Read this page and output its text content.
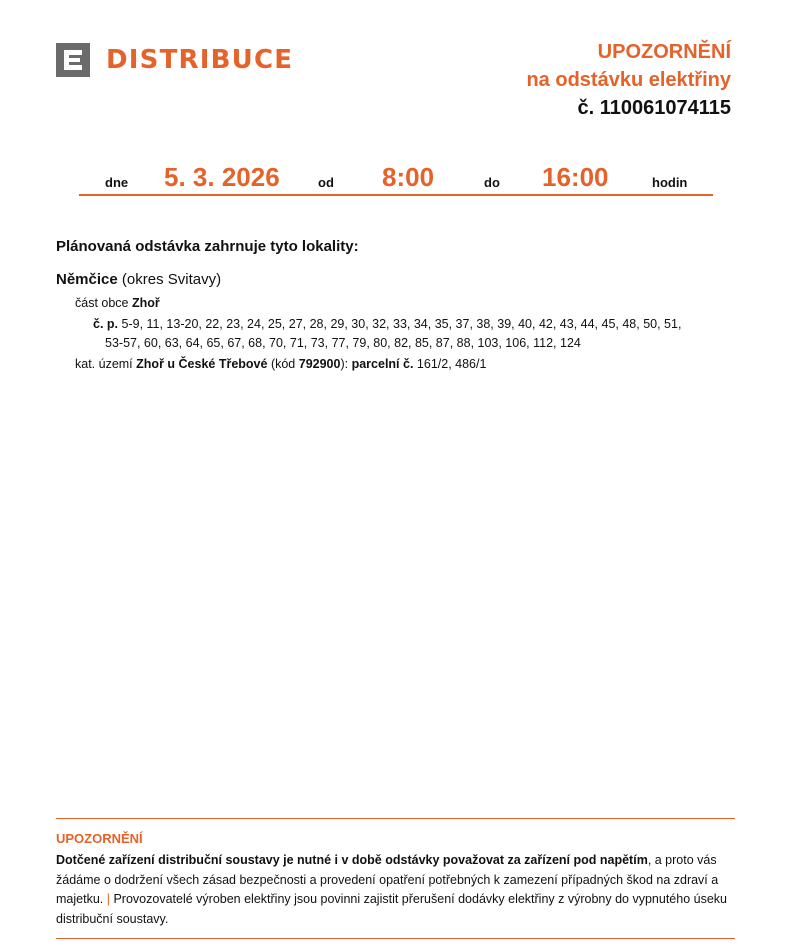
DISTRIBUCE	UPOZORNĚNÍ
na odstávku elektřiny
č. 110061074115
dne 5. 3. 2026	od 8:00	do 16:00	hodin
Plánovaná odstávka zahrnuje tyto lokality:
Němčice (okres Svitavy)
část obce Zhoř
č. p. 5-9, 11, 13-20, 22, 23, 24, 25, 27, 28, 29, 30, 32, 33, 34, 35, 37, 38, 39, 40, 42, 43, 44, 45, 48, 50, 51,
53-57, 60, 63, 64, 65, 67, 68, 70, 71, 73, 77, 79, 80, 82, 85, 87, 88, 103, 106, 112, 124
kat. území Zhoř u České Třebové (kód 792900): parcelní č. 161/2, 486/1
UPOZORNĚNÍ
Dotčené zařízení distribuční soustavy je nutné i v době odstávky považovat za zařízení pod napětím, a proto vás žádáme o dodržení všech zásad bezpečnosti a provedení opatření potřebných k zamezení případných škod na zdraví a majetku. | Provozovatelé výroben elektřiny jsou povinni zajistit přerušení dodávky elektřiny z výrobny do vypnutého úseku distribuční soustavy.
